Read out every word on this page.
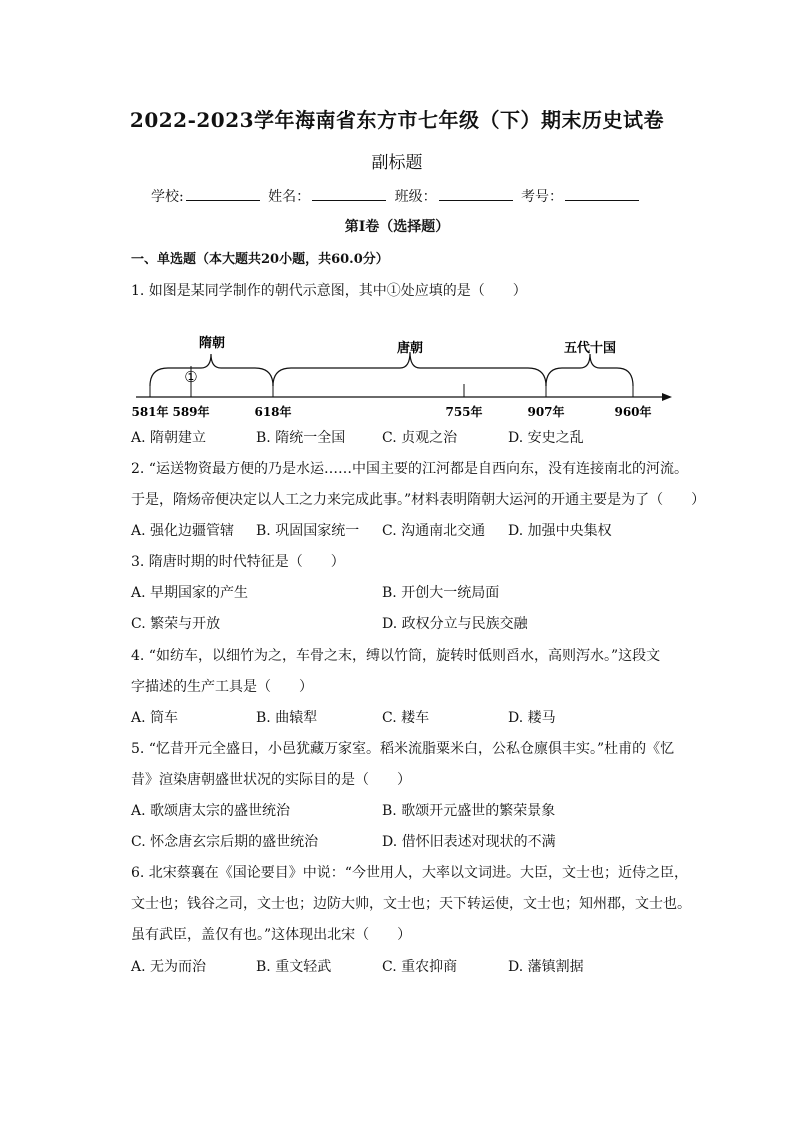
2022-2023学年海南省东方市七年级（下）期末历史试卷
副标题
学校:	姓名：	班级：	考号：
第I卷（选择题）
一、单选题（本大题共20小题，共60.0分）
1. 如图是某同学制作的朝代示意图，其中①处应填的是（　　）
隋朝	唐朝	五代十国
①
581年 589年	618年	755年	907年	960年
A. 隋朝建立	B. 隋统一全国	C. 贞观之治	D. 安史之乱
2. “运送物资最方便的乃是水运……中国主要的江河都是自西向东，没有连接南北的河流。
于是，隋炀帝便决定以人工之力来完成此事。”材料表明隋朝大运河的开通主要是为了（　　）
A. 强化边疆管辖 B. 巩固国家统一 C. 沟通南北交通 D. 加强中央集权
3. 隋唐时期的时代特征是（　　）
A. 早期国家的产生	B. 开创大一统局面
C. 繁荣与开放	D. 政权分立与民族交融
4. “如纺车，以细竹为之，车骨之末，缚以竹筒，旋转时低则舀水，高则泻水。”这段文
字描述的生产工具是（　　）
A. 筒车	B. 曲辕犁	C. 耧车	D. 耧马
5. “忆昔开元全盛日，小邑犹藏万家室。稻米流脂粟米白，公私仓廪俱丰实。”杜甫的《忆
昔》渲染唐朝盛世状况的实际目的是（　　）
A. 歌颂唐太宗的盛世统治	B. 歌颂开元盛世的繁荣景象
C. 怀念唐玄宗后期的盛世统治	D. 借怀旧表述对现状的不满
6. 北宋蔡襄在《国论要目》中说：“今世用人，大率以文词进。大臣，文士也；近侍之臣，
文士也；钱谷之司，文士也；边防大帅，文士也；天下转运使，文士也；知州郡，文士也。
虽有武臣，盖仅有也。”这体现出北宋（　　）
A. 无为而治	B. 重文轻武	C. 重农抑商	D. 藩镇割据
